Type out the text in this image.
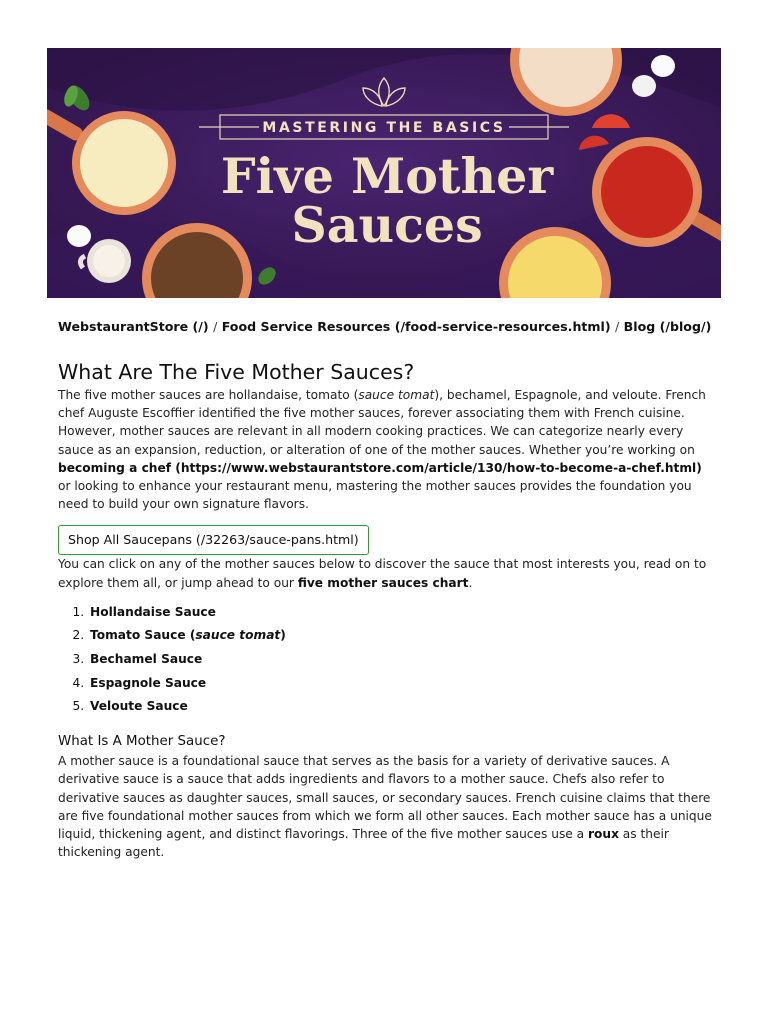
MASTERING THE BASICS
Five Mother
Sauces

WebstaurantStore (/) / Food Service Resources (/food-service-resources.html) / Blog (/blog/)

What Are The Five Mother Sauces?

The five mother sauces are hollandaise, tomato (sauce tomat), bechamel, Espagnole, and veloute. French chef Auguste Escoffier identified the five mother sauces, forever associating them with French cuisine. However, mother sauces are relevant in all modern cooking practices. We can categorize nearly every sauce as an expansion, reduction, or alteration of one of the mother sauces. Whether you’re working on becoming a chef (https://www.webstaurantstore.com/article/130/how-to-become-a-chef.html) or looking to enhance your restaurant menu, mastering the mother sauces provides the foundation you need to build your own signature flavors.

Shop All Saucepans (/32263/sauce-pans.html)

You can click on any of the mother sauces below to discover the sauce that most interests you, read on to explore them all, or jump ahead to our five mother sauces chart.

1. Hollandaise Sauce
2. Tomato Sauce (sauce tomat)
3. Bechamel Sauce
4. Espagnole Sauce
5. Veloute Sauce
What Is A Mother Sauce?

A mother sauce is a foundational sauce that serves as the basis for a variety of derivative sauces. A derivative sauce is a sauce that adds ingredients and flavors to a mother sauce. Chefs also refer to derivative sauces as daughter sauces, small sauces, or secondary sauces. French cuisine claims that there are five foundational mother sauces from which we form all other sauces. Each mother sauce has a unique liquid, thickening agent, and distinct flavorings. Three of the five mother sauces use a roux as their thickening agent.
